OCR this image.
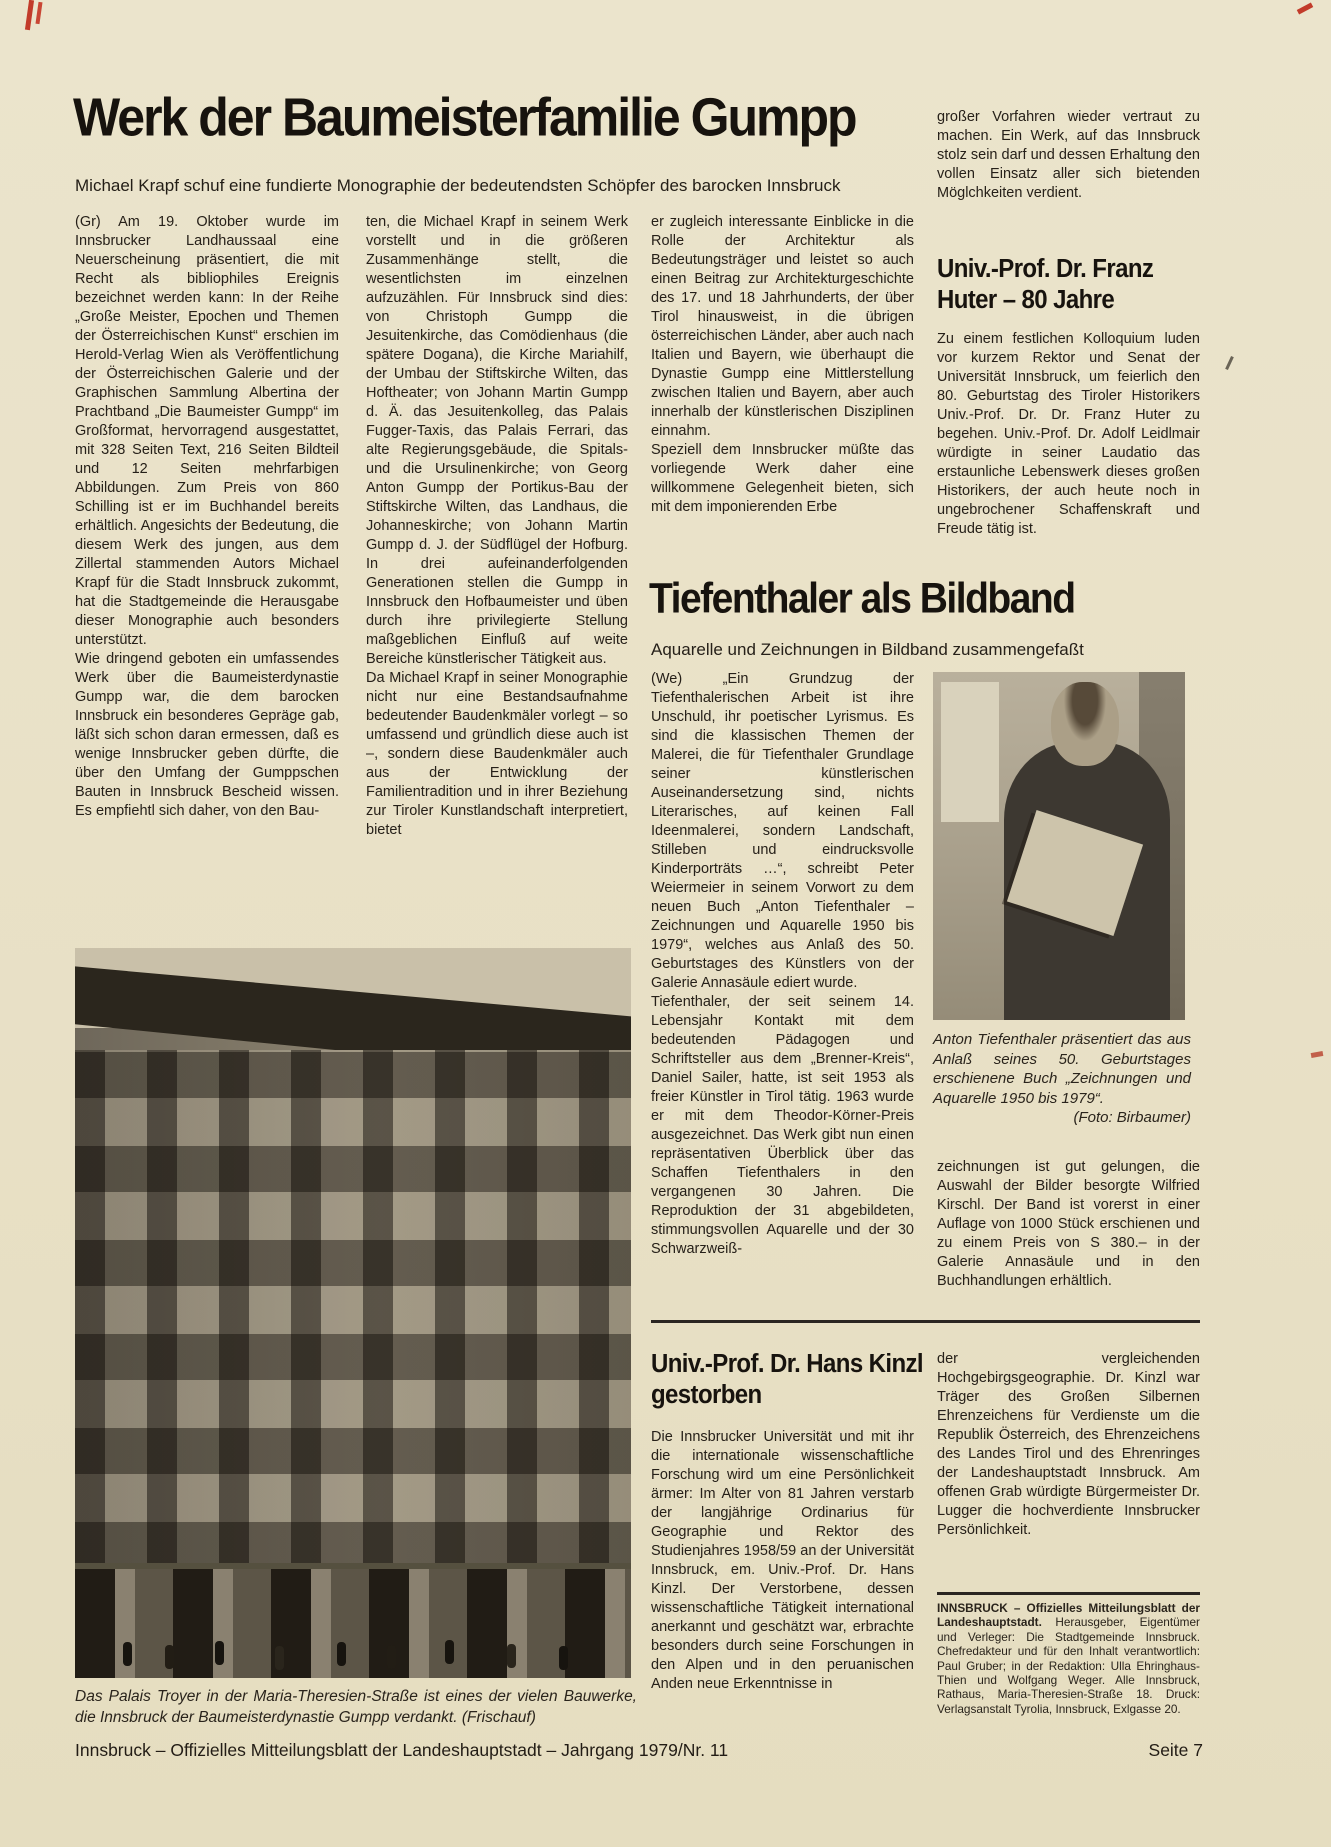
Werk der Baumeisterfamilie Gumpp
Michael Krapf schuf eine fundierte Monographie der bedeutendsten Schöpfer des barocken Innsbruck

(Gr) Am 19. Oktober wurde im Innsbrucker Landhaussaal eine Neuerscheinung präsentiert, die mit Recht als bibliophiles Ereignis bezeichnet werden kann: In der Reihe „Große Meister, Epochen und Themen der Österreichischen Kunst“ erschien im Herold-Verlag Wien als Veröffentlichung der Österreichischen Galerie und der Graphischen Sammlung Albertina der Prachtband „Die Baumeister Gumpp“ im Großformat, hervorragend ausgestattet, mit 328 Seiten Text, 216 Seiten Bildteil und 12 Seiten mehrfarbigen Abbildungen. Zum Preis von 860 Schilling ist er im Buchhandel bereits erhältlich. Angesichts der Bedeutung, die diesem Werk des jungen, aus dem Zillertal stammenden Autors Michael Krapf für die Stadt Innsbruck zukommt, hat die Stadtgemeinde die Herausgabe dieser Monographie auch besonders unterstützt.

Wie dringend geboten ein umfassendes Werk über die Baumeisterdynastie Gumpp war, die dem barocken Innsbruck ein besonderes Gepräge gab, läßt sich schon daran ermessen, daß es wenige Innsbrucker geben dürfte, die über den Umfang der Gumppschen Bauten in Innsbruck Bescheid wissen. Es empfiehtl sich daher, von den Bau-

ten, die Michael Krapf in seinem Werk vorstellt und in die größeren Zusammenhänge stellt, die wesentlichsten im einzelnen aufzuzählen. Für Innsbruck sind dies: von Christoph Gumpp die Jesuitenkirche, das Comödienhaus (die spätere Dogana), die Kirche Mariahilf, der Umbau der Stiftskirche Wilten, das Hoftheater; von Johann Martin Gumpp d. Ä. das Jesuitenkolleg, das Palais Fugger-Taxis, das Palais Ferrari, das alte Regierungsgebäude, die Spitals- und die Ursulinenkirche; von Georg Anton Gumpp der Portikus-Bau der Stiftskirche Wilten, das Landhaus, die Johanneskirche; von Johann Martin Gumpp d. J. der Südflügel der Hofburg. In drei aufeinanderfolgenden Generationen stellen die Gumpp in Innsbruck den Hofbaumeister und üben durch ihre privilegierte Stellung maßgeblichen Einfluß auf weite Bereiche künstlerischer Tätigkeit aus.

Da Michael Krapf in seiner Monographie nicht nur eine Bestandsaufnahme bedeutender Baudenkmäler vorlegt – so umfassend und gründlich diese auch ist –, sondern diese Baudenkmäler auch aus der Entwicklung der Familientradition und in ihrer Beziehung zur Tiroler Kunstlandschaft interpretiert, bietet

er zugleich interessante Einblicke in die Rolle der Architektur als Bedeutungsträger und leistet so auch einen Beitrag zur Architekturgeschichte des 17. und 18 Jahrhunderts, der über Tirol hinausweist, in die übrigen österreichischen Länder, aber auch nach Italien und Bayern, wie überhaupt die Dynastie Gumpp eine Mittlerstellung zwischen Italien und Bayern, aber auch innerhalb der künstlerischen Disziplinen einnahm.

Speziell dem Innsbrucker müßte das vorliegende Werk daher eine willkommene Gelegenheit bieten, sich mit dem imponierenden Erbe

großer Vorfahren wieder vertraut zu machen. Ein Werk, auf das Innsbruck stolz sein darf und dessen Erhaltung den vollen Einsatz aller sich bietenden Möglchkeiten verdient.

Univ.-Prof. Dr. Franz Huter – 80 Jahre

Zu einem festlichen Kolloquium luden vor kurzem Rektor und Senat der Universität Innsbruck, um feierlich den 80. Geburtstag des Tiroler Historikers Univ.-Prof. Dr. Dr. Franz Huter zu begehen. Univ.-Prof. Dr. Adolf Leidlmair würdigte in seiner Laudatio das erstaunliche Lebenswerk dieses großen Historikers, der auch heute noch in ungebrochener Schaffenskraft und Freude tätig ist.

Tiefenthaler als Bildband
Aquarelle und Zeichnungen in Bildband zusammengefaßt

(We) „Ein Grundzug der Tiefenthalerischen Arbeit ist ihre Unschuld, ihr poetischer Lyrismus. Es sind die klassischen Themen der Malerei, die für Tiefenthaler Grundlage seiner künstlerischen Auseinandersetzung sind, nichts Literarisches, auf keinen Fall Ideenmalerei, sondern Landschaft, Stilleben und eindrucksvolle Kinderporträts …“, schreibt Peter Weiermeier in seinem Vorwort zu dem neuen Buch „Anton Tiefenthaler – Zeichnungen und Aquarelle 1950 bis 1979“, welches aus Anlaß des 50. Geburtstages des Künstlers von der Galerie Annasäule ediert wurde.

Tiefenthaler, der seit seinem 14. Lebensjahr Kontakt mit dem bedeutenden Pädagogen und Schriftsteller aus dem „Brenner-Kreis“, Daniel Sailer, hatte, ist seit 1953 als freier Künstler in Tirol tätig. 1963 wurde er mit dem Theodor-Körner-Preis ausgezeichnet. Das Werk gibt nun einen repräsentativen Überblick über das Schaffen Tiefenthalers in den vergangenen 30 Jahren. Die Reproduktion der 31 abgebildeten, stimmungsvollen Aquarelle und der 30 Schwarzweiß-

Anton Tiefenthaler präsentiert das aus Anlaß seines 50. Geburtstages erschienene Buch „Zeichnungen und Aquarelle 1950 bis 1979“.

(Foto: Birbaumer)

zeichnungen ist gut gelungen, die Auswahl der Bilder besorgte Wilfried Kirschl. Der Band ist vorerst in einer Auflage von 1000 Stück erschienen und zu einem Preis von S 380.– in der Galerie Annasäule und in den Buchhandlungen erhältlich.

Univ.-Prof. Dr. Hans Kinzl gestorben

Die Innsbrucker Universität und mit ihr die internationale wissenschaftliche Forschung wird um eine Persönlichkeit ärmer: Im Alter von 81 Jahren verstarb der langjährige Ordinarius für Geographie und Rektor des Studienjahres 1958/59 an der Universität Innsbruck, em. Univ.-Prof. Dr. Hans Kinzl. Der Verstorbene, dessen wissenschaftliche Tätigkeit international anerkannt und geschätzt war, erbrachte besonders durch seine Forschungen in den Alpen und in den peruanischen Anden neue Erkenntnisse in

der vergleichenden Hochgebirgsgeographie. Dr. Kinzl war Träger des Großen Silbernen Ehrenzeichens für Verdienste um die Republik Österreich, des Ehrenzeichens des Landes Tirol und des Ehrenringes der Landeshauptstadt Innsbruck. Am offenen Grab würdigte Bürgermeister Dr. Lugger die hochverdiente Innsbrucker Persönlichkeit.

Das Palais Troyer in der Maria-Theresien-Straße ist eines der vielen Bauwerke, die Innsbruck der Baumeisterdynastie Gumpp verdankt. (Frischauf)
INNSBRUCK – Offizielles Mitteilungsblatt der Landeshauptstadt. Herausgeber, Eigentümer und Verleger: Die Stadtgemeinde Innsbruck. Chefredakteur und für den Inhalt verantwortlich: Paul Gruber; in der Redaktion: Ulla Ehringhaus-Thien und Wolfgang Weger. Alle Innsbruck, Rathaus, Maria-Theresien-Straße 18. Druck: Verlagsanstalt Tyrolia, Innsbruck, Exlgasse 20.
Innsbruck – Offizielles Mitteilungsblatt der Landeshauptstadt – Jahrgang 1979/Nr. 11	Seite 7
